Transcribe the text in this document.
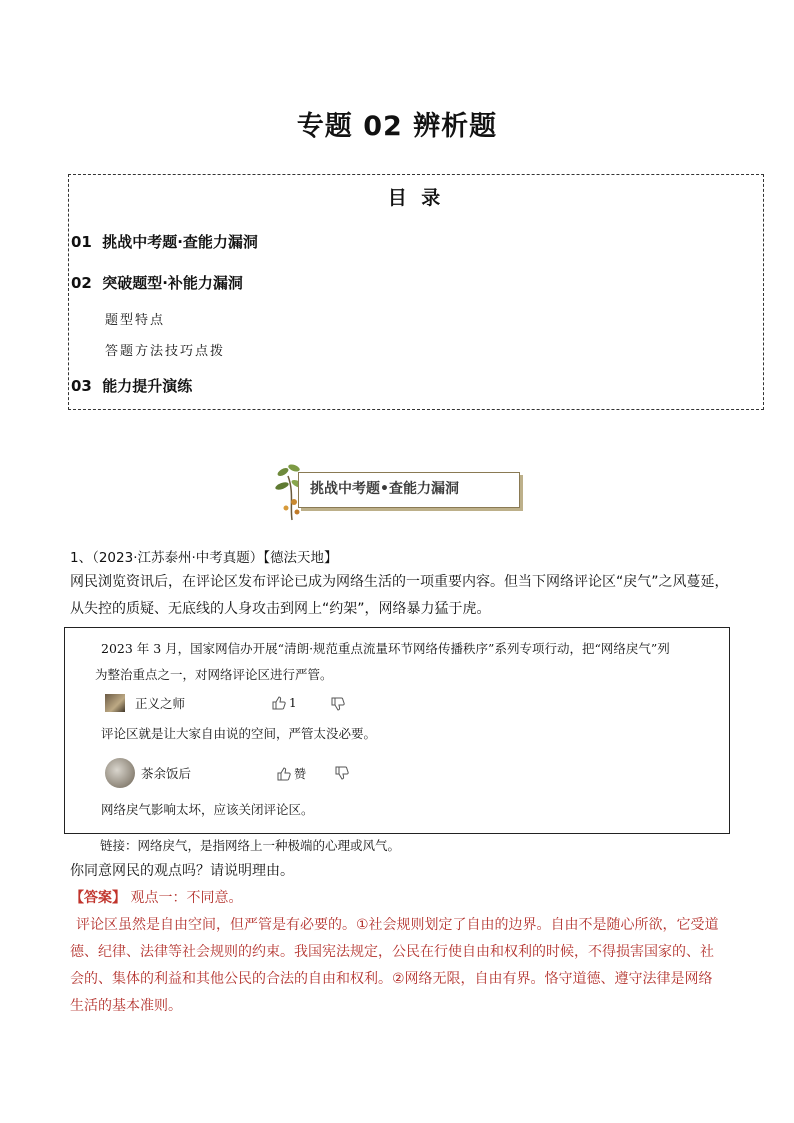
专题 02 辨析题
目 录
01 挑战中考题·查能力漏洞
02 突破题型·补能力漏洞
题型特点
答题方法技巧点拨
03 能力提升演练
挑战中考题•查能力漏洞
1、（2023·江苏泰州·中考真题）【德法天地】
网民浏览资讯后，在评论区发布评论已成为网络生活的一项重要内容。但当下网络评论区“戾气”之风蔓延，
从失控的质疑、无底线的人身攻击到网上“约架”，网络暴力猛于虎。
2023 年 3 月，国家网信办开展“清朗·规范重点流量环节网络传播秩序”系列专项行动，把“网络戾气”列
为整治重点之一，对网络评论区进行严管。
正义之师	1
评论区就是让大家自由说的空间，严管太没必要。
茶余饭后	赞
网络戾气影响太坏，应该关闭评论区。
链接：网络戾气，是指网络上一种极端的心理或风气。
你同意网民的观点吗？请说明理由。
【答案】 观点一：不同意。
评论区虽然是自由空间，但严管是有必要的。①社会规则划定了自由的边界。自由不是随心所欲，它受道
德、纪律、法律等社会规则的约束。我国宪法规定，公民在行使自由和权利的时候，不得损害国家的、社
会的、集体的利益和其他公民的合法的自由和权利。②网络无限，自由有界。恪守道德、遵守法律是网络
生活的基本准则。
